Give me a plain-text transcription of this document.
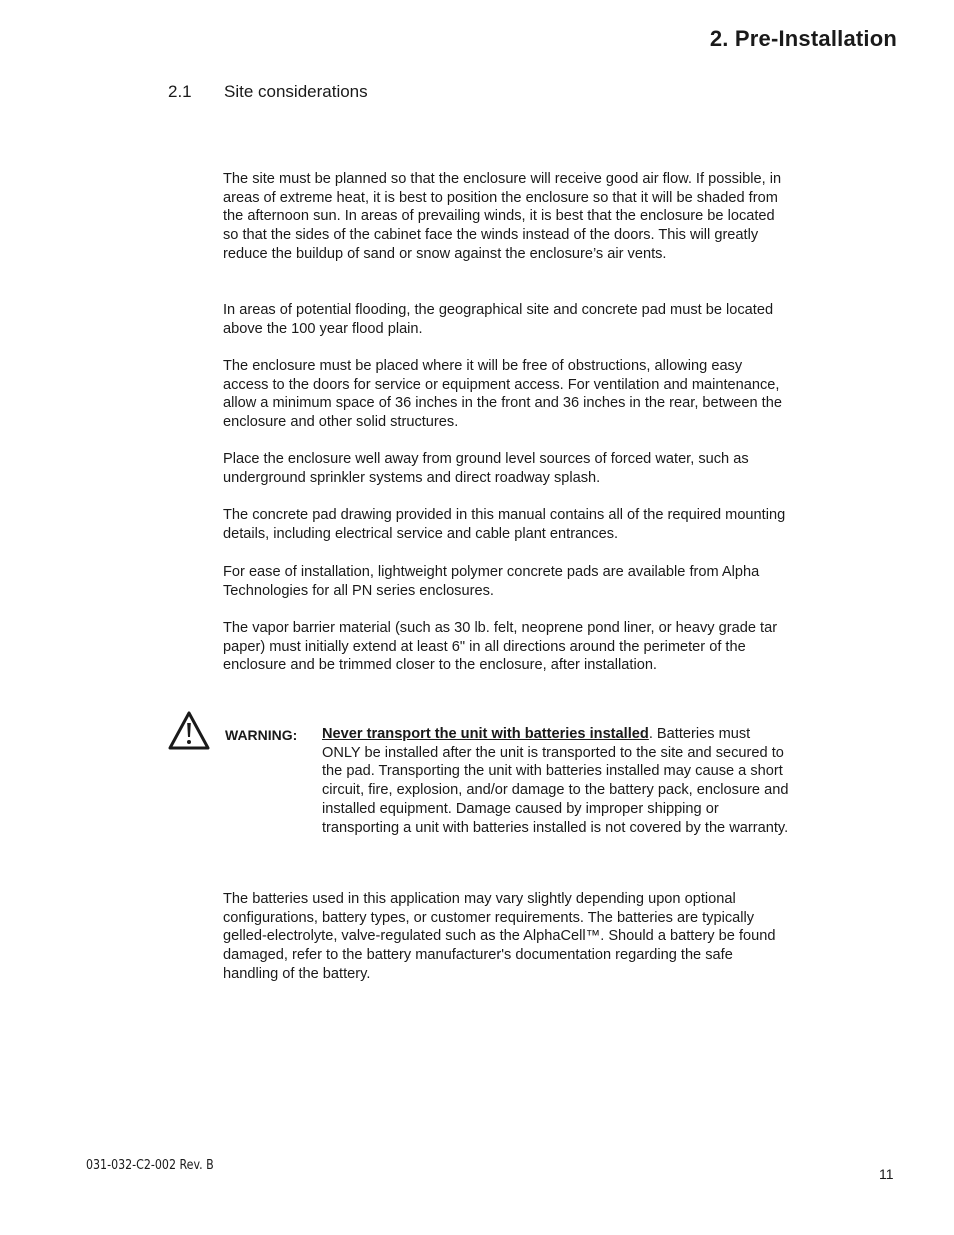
2. Pre-Installation
2.1 Site considerations

The site must be planned so that the enclosure will receive good air flow. If possible, in areas of extreme heat, it is best to position the enclosure so that it will be shaded from the afternoon sun. In areas of prevailing winds, it is best that the enclosure be located so that the sides of the cabinet face the winds instead of the doors. This will greatly reduce the buildup of sand or snow against the enclosure’s air vents.

In areas of potential flooding, the geographical site and concrete pad must be located above the 100 year flood plain.

The enclosure must be placed where it will be free of obstructions, allowing easy access to the doors for service or equipment access. For ventilation and maintenance, allow a minimum space of 36 inches in the front and 36 inches in the rear, between the enclosure and other solid structures.

Place the enclosure well away from ground level sources of forced water, such as underground sprinkler systems and direct roadway splash.

The concrete pad drawing provided in this manual contains all of the required mounting details, including electrical service and cable plant entrances.

For ease of installation, lightweight polymer concrete pads are available from Alpha Technologies for all PN series enclosures.

The vapor barrier material (such as 30 lb. felt, neoprene pond liner, or heavy grade tar paper) must initially extend at least 6" in all directions around the perimeter of the enclosure and be trimmed closer to the enclosure, after installation.

WARNING: Never transport the unit with batteries installed. Batteries must ONLY be installed after the unit is transported to the site and secured to the pad. Transporting the unit with batteries installed may cause a short circuit, fire, explosion, and/or damage to the battery pack, enclosure and installed equipment. Damage caused by improper shipping or transporting a unit with batteries installed is not covered by the warranty.

The batteries used in this application may vary slightly depending upon optional configurations, battery types, or customer requirements. The batteries are typically gelled-electrolyte, valve-regulated such as the AlphaCell™. Should a battery be found damaged, refer to the battery manufacturer's documentation regarding the safe handling of the battery.

031-032-C2-002 Rev. B

11
